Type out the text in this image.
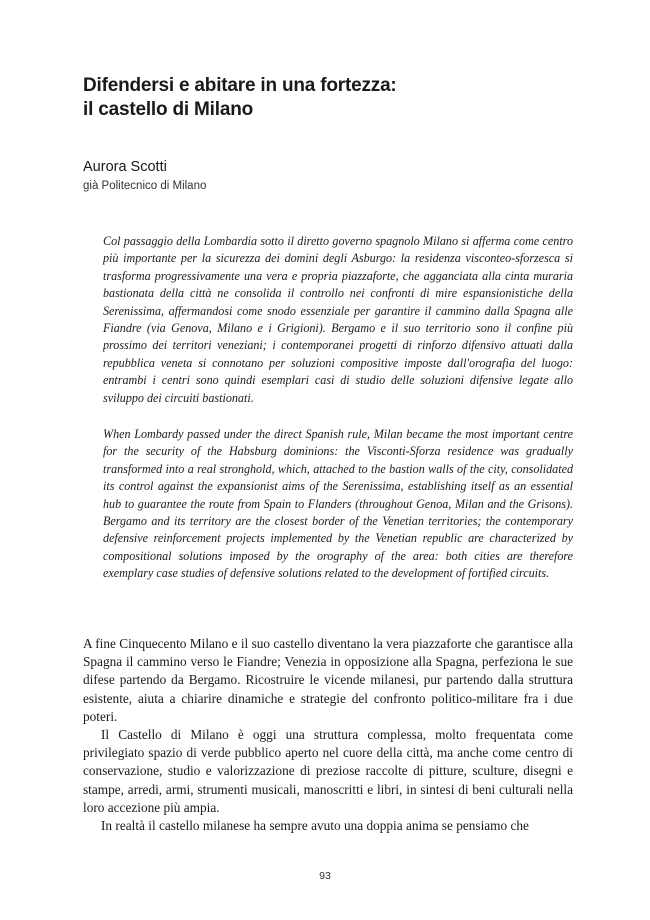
Difendersi e abitare in una fortezza:
il castello di Milano
Aurora Scotti
già Politecnico di Milano
Col passaggio della Lombardia sotto il diretto governo spagnolo Milano si afferma come centro più importante per la sicurezza dei domini degli Asburgo: la residenza visconteo-sforzesca si trasforma progressivamente una vera e propria piazzaforte, che agganciata alla cinta muraria bastionata della città ne consolida il controllo nei confronti di mire espansionistiche della Serenissima, affermandosi come snodo essenziale per garantire il cammino dalla Spagna alle Fiandre (via Genova, Milano e i Grigioni). Bergamo e il suo territorio sono il confine più prossimo dei territori veneziani; i contemporanei progetti di rinforzo difensivo attuati dalla repubblica veneta si connotano per soluzioni compositive imposte dall'orografia del luogo: entrambi i centri sono quindi esemplari casi di studio delle soluzioni difensive legate allo sviluppo dei circuiti bastionati.
When Lombardy passed under the direct Spanish rule, Milan became the most important centre for the security of the Habsburg dominions: the Visconti-Sforza residence was gradually transformed into a real stronghold, which, attached to the bastion walls of the city, consolidated its control against the expansionist aims of the Serenissima, establishing itself as an essential hub to guarantee the route from Spain to Flanders (throughout Genoa, Milan and the Grisons). Bergamo and its territory are the closest border of the Venetian territories; the contemporary defensive reinforcement projects implemented by the Venetian republic are characterized by compositional solutions imposed by the orography of the area: both cities are therefore exemplary case studies of defensive solutions related to the development of fortified circuits.

A fine Cinquecento Milano e il suo castello diventano la vera piazzaforte che garantisce alla Spagna il cammino verso le Fiandre; Venezia in opposizione alla Spagna, perfeziona le sue difese partendo da Bergamo. Ricostruire le vicende milanesi, pur partendo dalla struttura esistente, aiuta a chiarire dinamiche e strategie del confronto politico-militare fra i due poteri.

Il Castello di Milano è oggi una struttura complessa, molto frequentata come privilegiato spazio di verde pubblico aperto nel cuore della città, ma anche come centro di conservazione, studio e valorizzazione di preziose raccolte di pitture, sculture, disegni e stampe, arredi, armi, strumenti musicali, manoscritti e libri, in sintesi di beni culturali nella loro accezione più ampia.

In realtà il castello milanese ha sempre avuto una doppia anima se pensiamo che

93
